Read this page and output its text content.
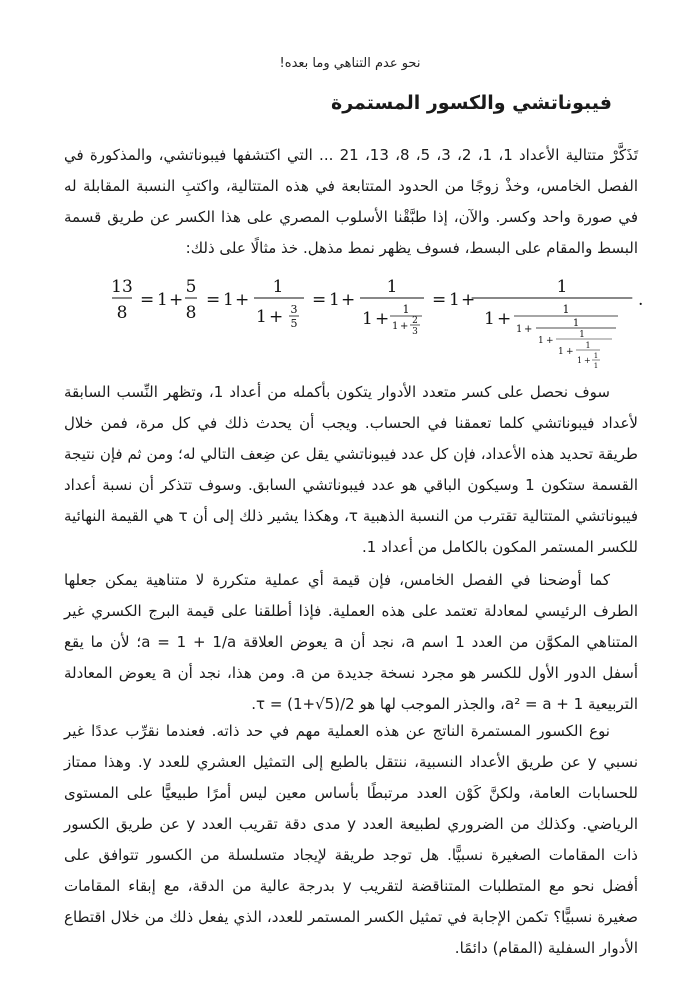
نحو عدم التناهي وما بعده!
فيبوناتشي والكسور المستمرة

تَذَكَّرْ متتالية الأعداد 1، 1، 2، 3، 5، 8، 13، 21 ... التي اكتشفها فيبوناتشي، والمذكورة في الفصل الخامس، وخذْ زوجًا من الحدود المتتابعة في هذه المتتالية، واكتبِ النسبة المقابلة له في صورة واحد وكسر. والآن، إذا طبَّقْنا الأسلوب المصري على هذا الكسر عن طريق قسمة البسط والمقام على البسط، فسوف يظهر نمط مذهل. خذ مثالًا على ذلك:

13
8
= 1 +
5
8
= 1 +
1
1 + 3
5
= 1 +
1
1 + 1
1 + 2
3
= 1 +
1
1 +	1
1 +
1
1 +
1
1 +
1
1 + 1
1
.

سوف نحصل على كسر متعدد الأدوار يتكون بأكمله من أعداد 1، وتظهر النِّسب السابقة لأعداد فيبوناتشي كلما تعمقنا في الحساب. ويجب أن يحدث ذلك في كل مرة، فمن خلال طريقة تحديد هذه الأعداد، فإن كل عدد فيبوناتشي يقل عن ضِعف التالي له؛ ومن ثم فإن نتيجة القسمة ستكون 1 وسيكون الباقي هو عدد فيبوناتشي السابق. وسوف تتذكر أن نسبة أعداد فيبوناتشي المتتالية تقترب من النسبة الذهبية τ، وهكذا يشير ذلك إلى أن τ هي القيمة النهائية للكسر المستمر المكون بالكامل من أعداد 1.

كما أوضحنا في الفصل الخامس، فإن قيمة أي عملية متكررة لا متناهية يمكن جعلها الطرف الرئيسي لمعادلة تعتمد على هذه العملية. فإذا أطلقنا على قيمة البرج الكسري غير المتناهي المكوَّن من العدد 1 اسم a، نجد أن a يعوض العلاقة a = 1 + 1/a؛ لأن ما يقع أسفل الدور الأول للكسر هو مجرد نسخة جديدة من a. ومن هذا، نجد أن a يعوض المعادلة التربيعية a² = a + 1، والجذر الموجب لها هو τ = (1+√5)/2.

نوع الكسور المستمرة الناتج عن هذه العملية مهم في حد ذاته. فعندما نقرِّب عددًا غير نسبي y عن طريق الأعداد النسبية، ننتقل بالطبع إلى التمثيل العشري للعدد y. وهذا ممتاز للحسابات العامة، ولكنَّ كَوْن العدد مرتبطًا بأساس معين ليس أمرًا طبيعيًّا على المستوى الرياضي. وكذلك من الضروري لطبيعة العدد y مدى دقة تقريب العدد y عن طريق الكسور ذات المقامات الصغيرة نسبيًّا. هل توجد طريقة لإيجاد متسلسلة من الكسور تتوافق على أفضل نحو مع المتطلبات المتناقضة لتقريب y بدرجة عالية من الدقة، مع إبقاء المقامات صغيرة نسبيًّا؟ تكمن الإجابة في تمثيل الكسر المستمر للعدد، الذي يفعل ذلك من خلال اقتطاع الأدوار السفلية (المقام) دائمًا.
